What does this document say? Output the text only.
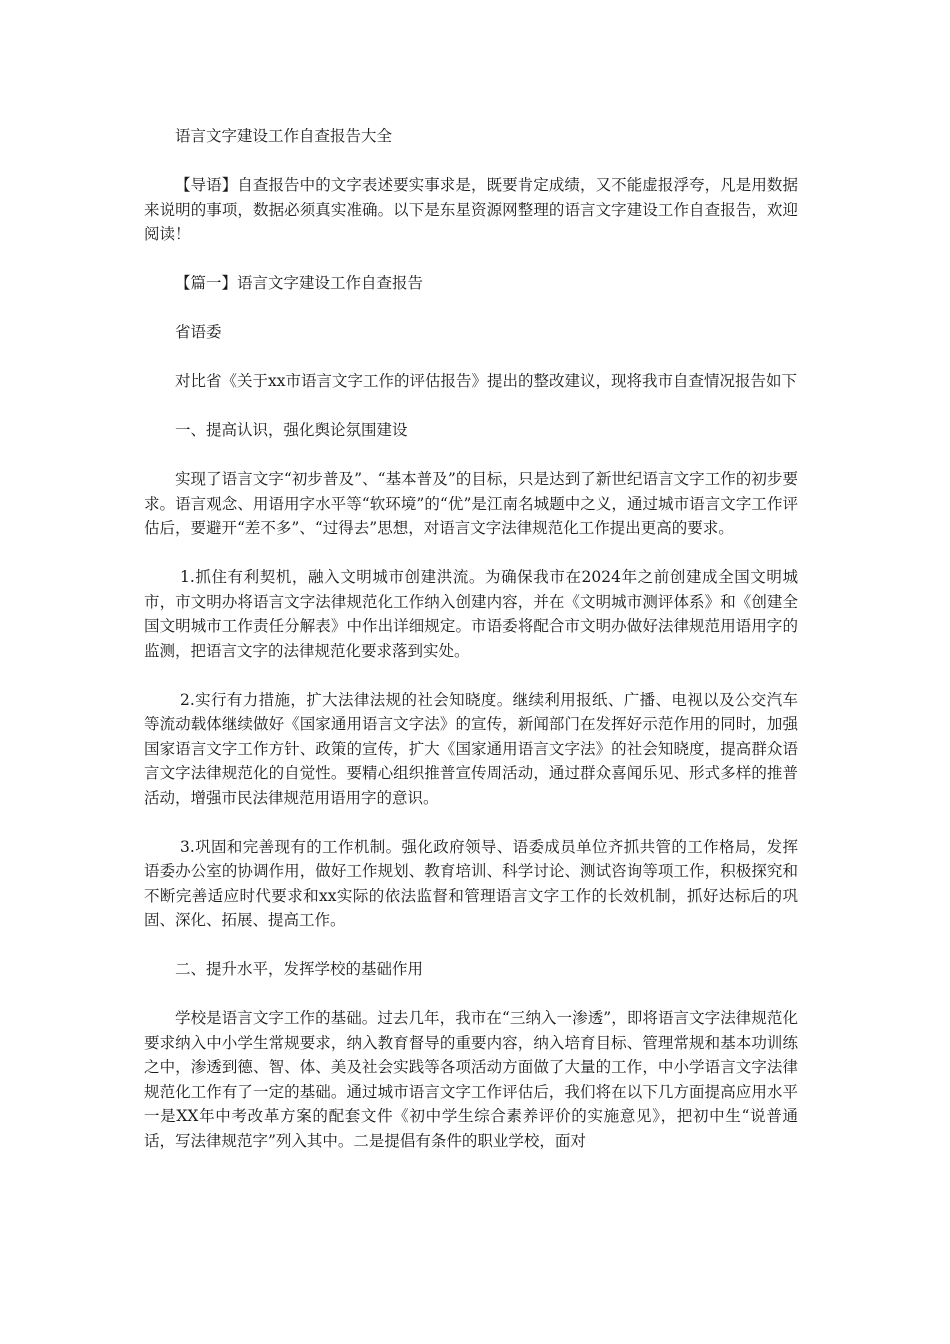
语言文字建设工作自查报告大全

【导语】自查报告中的文字表述要实事求是，既要肯定成绩，又不能虚报浮夸，凡是用数据来说明的事项，数据必须真实准确。以下是东星资源网整理的语言文字建设工作自查报告，欢迎阅读！

【篇一】语言文字建设工作自查报告

省语委

对比省《关于xx市语言文字工作的评估报告》提出的整改建议，现将我市自查情况报告如下

一、提高认识，强化舆论氛围建设

实现了语言文字“初步普及”、“基本普及”的目标，只是达到了新世纪语言文字工作的初步要求。语言观念、用语用字水平等“软环境”的“优”是江南名城题中之义，通过城市语言文字工作评估后，要避开“差不多”、“过得去”思想，对语言文字法律规范化工作提出更高的要求。

1.抓住有利契机，融入文明城市创建洪流。为确保我市在2024年之前创建成全国文明城市，市文明办将语言文字法律规范化工作纳入创建内容，并在《文明城市测评体系》和《创建全国文明城市工作责任分解表》中作出详细规定。市语委将配合市文明办做好法律规范用语用字的监测，把语言文字的法律规范化要求落到实处。

2.实行有力措施，扩大法律法规的社会知晓度。继续利用报纸、广播、电视以及公交汽车等流动载体继续做好《国家通用语言文字法》的宣传，新闻部门在发挥好示范作用的同时，加强国家语言文字工作方针、政策的宣传，扩大《国家通用语言文字法》的社会知晓度，提高群众语言文字法律规范化的自觉性。要精心组织推普宣传周活动，通过群众喜闻乐见、形式多样的推普活动，增强市民法律规范用语用字的意识。

3.巩固和完善现有的工作机制。强化政府领导、语委成员单位齐抓共管的工作格局，发挥语委办公室的协调作用，做好工作规划、教育培训、科学讨论、测试咨询等项工作，积极探究和不断完善适应时代要求和xx实际的依法监督和管理语言文字工作的长效机制，抓好达标后的巩固、深化、拓展、提高工作。

二、提升水平，发挥学校的基础作用

学校是语言文字工作的基础。过去几年，我市在“三纳入一渗透”，即将语言文字法律规范化要求纳入中小学生常规要求，纳入教育督导的重要内容，纳入培育目标、管理常规和基本功训练之中，渗透到德、智、体、美及社会实践等各项活动方面做了大量的工作，中小学语言文字法律规范化工作有了一定的基础。通过城市语言文字工作评估后，我们将在以下几方面提高应用水平一是XX年中考改革方案的配套文件《初中学生综合素养评价的实施意见》，把初中生“说普通话，写法律规范字”列入其中。二是提倡有条件的职业学校，面对
